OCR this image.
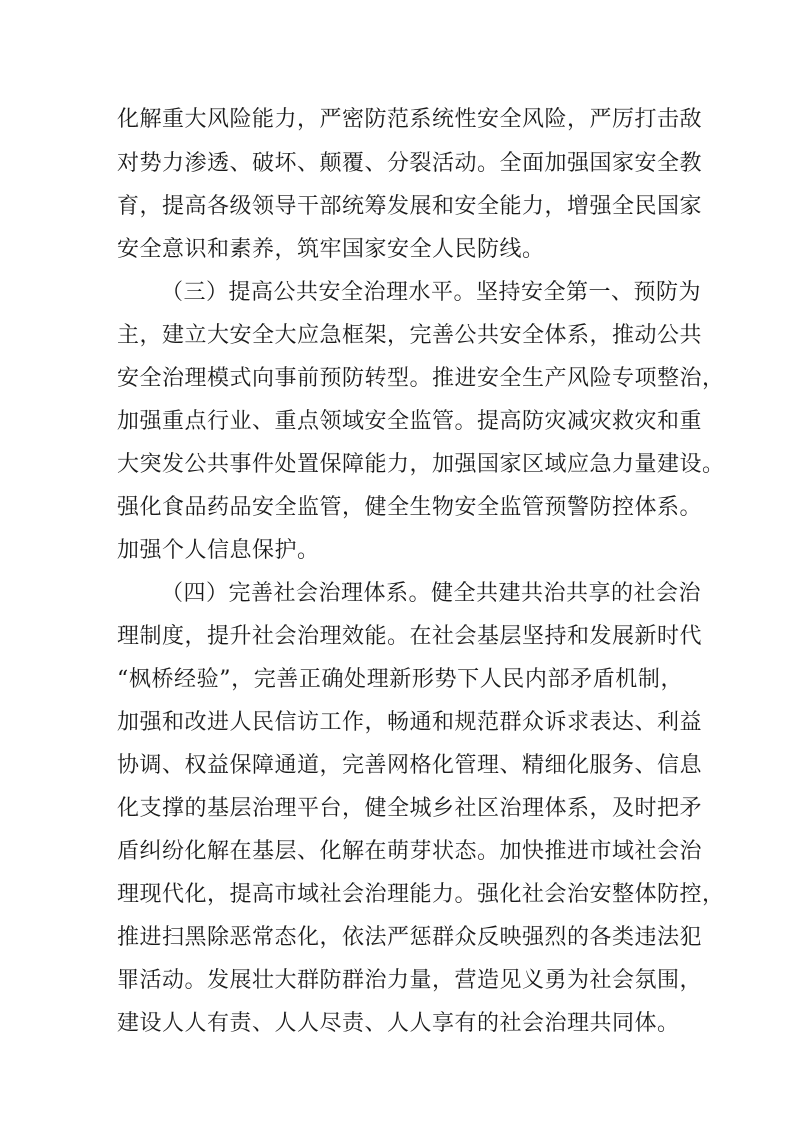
化解重大风险能力，严密防范系统性安全风险，严厉打击敌
对势力渗透、破坏、颠覆、分裂活动。全面加强国家安全教
育，提高各级领导干部统筹发展和安全能力，增强全民国家
安全意识和素养，筑牢国家安全人民防线。
（三）提高公共安全治理水平。坚持安全第一、预防为
主，建立大安全大应急框架，完善公共安全体系，推动公共
安全治理模式向事前预防转型。推进安全生产风险专项整治，
加强重点行业、重点领域安全监管。提高防灾减灾救灾和重
大突发公共事件处置保障能力，加强国家区域应急力量建设。
强化食品药品安全监管，健全生物安全监管预警防控体系。
加强个人信息保护。
（四）完善社会治理体系。健全共建共治共享的社会治
理制度，提升社会治理效能。在社会基层坚持和发展新时代
“枫桥经验”，完善正确处理新形势下人民内部矛盾机制，
加强和改进人民信访工作，畅通和规范群众诉求表达、利益
协调、权益保障通道，完善网格化管理、精细化服务、信息
化支撑的基层治理平台，健全城乡社区治理体系，及时把矛
盾纠纷化解在基层、化解在萌芽状态。加快推进市域社会治
理现代化，提高市域社会治理能力。强化社会治安整体防控，
推进扫黑除恶常态化，依法严惩群众反映强烈的各类违法犯
罪活动。发展壮大群防群治力量，营造见义勇为社会氛围，
建设人人有责、人人尽责、人人享有的社会治理共同体。
